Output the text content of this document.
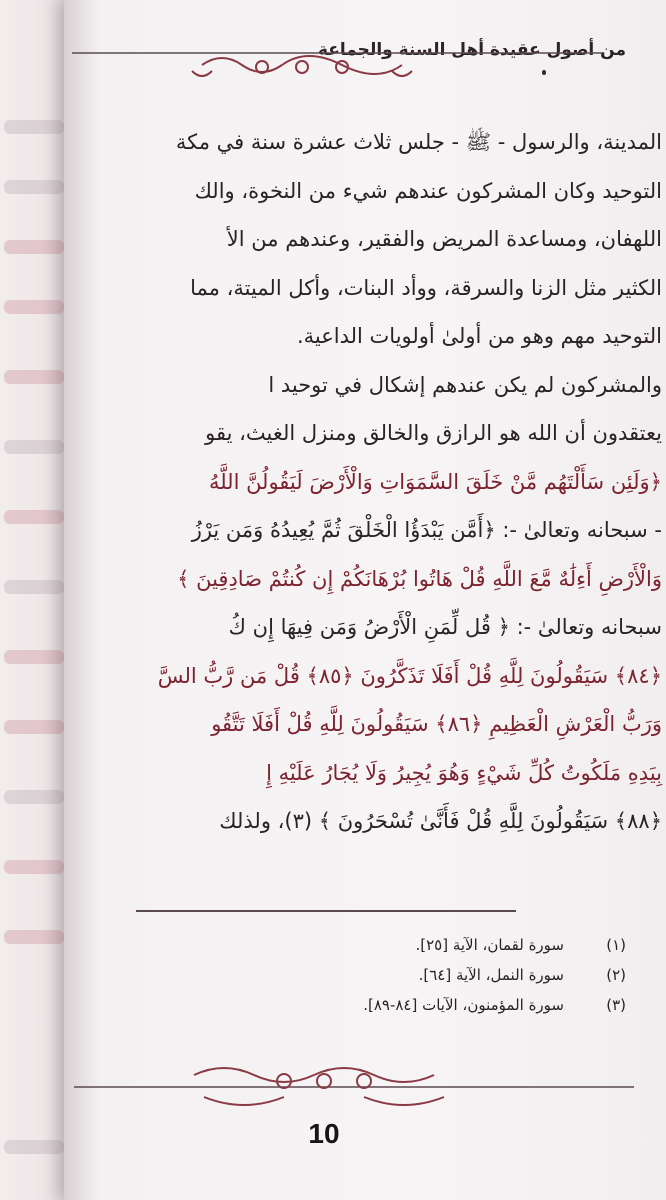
من أصول عقيدة أهل السنة والجماعة
المدينة، والرسول - ﷺ - جلس ثلاث عشرة سنة في مكة
التوحيد وكان المشركون عندهم شيء من النخوة، والك
اللهفان، ومساعدة المريض والفقير، وعندهم من الأ
الكثير مثل الزنا والسرقة، ووأد البنات، وأكل الميتة، مما
التوحيد مهم وهو من أولىٰ أولويات الداعية.
والمشركون لم يكن عندهم إشكال في توحيد ا
يعتقدون أن الله هو الرازق والخالق ومنزل الغيث، يقو
﴿وَلَئِن سَأَلْتَهُم مَّنْ خَلَقَ السَّمَوَاتِ وَالْأَرْضَ لَيَقُولُنَّ اللَّهُ
- سبحانه وتعالىٰ -: ﴿أَمَّن يَبْدَؤُا الْخَلْقَ ثُمَّ يُعِيدُهُ وَمَن يَرْزُ
وَالْأَرْضِ أَءِلَٰهٌ مَّعَ اللَّهِ قُلْ هَاتُوا بُرْهَانَكُمْ إِن كُنتُمْ صَادِقِينَ ﴾
سبحانه وتعالىٰ -: ﴿ قُل لِّمَنِ الْأَرْضُ وَمَن فِيهَا إِن كُ
﴿٨٤﴾ سَيَقُولُونَ لِلَّهِ قُلْ أَفَلَا تَذَكَّرُونَ ﴿٨٥﴾ قُلْ مَن رَّبُّ السَّ
وَرَبُّ الْعَرْشِ الْعَظِيمِ ﴿٨٦﴾ سَيَقُولُونَ لِلَّهِ قُلْ أَفَلَا تَتَّقُو
بِيَدِهِ مَلَكُوتُ كُلِّ شَيْءٍ وَهُوَ يُجِيرُ وَلَا يُجَارُ عَلَيْهِ إِ
﴿٨٨﴾ سَيَقُولُونَ لِلَّهِ قُلْ فَأَنَّىٰ تُسْحَرُونَ ﴾ (٣)، ولذلك
(١)
سورة لقمان، الآية [٢٥].
(٢)
سورة النمل، الآية [٦٤].
(٣)
سورة المؤمنون، الآيات [٨٤-٨٩].
10
